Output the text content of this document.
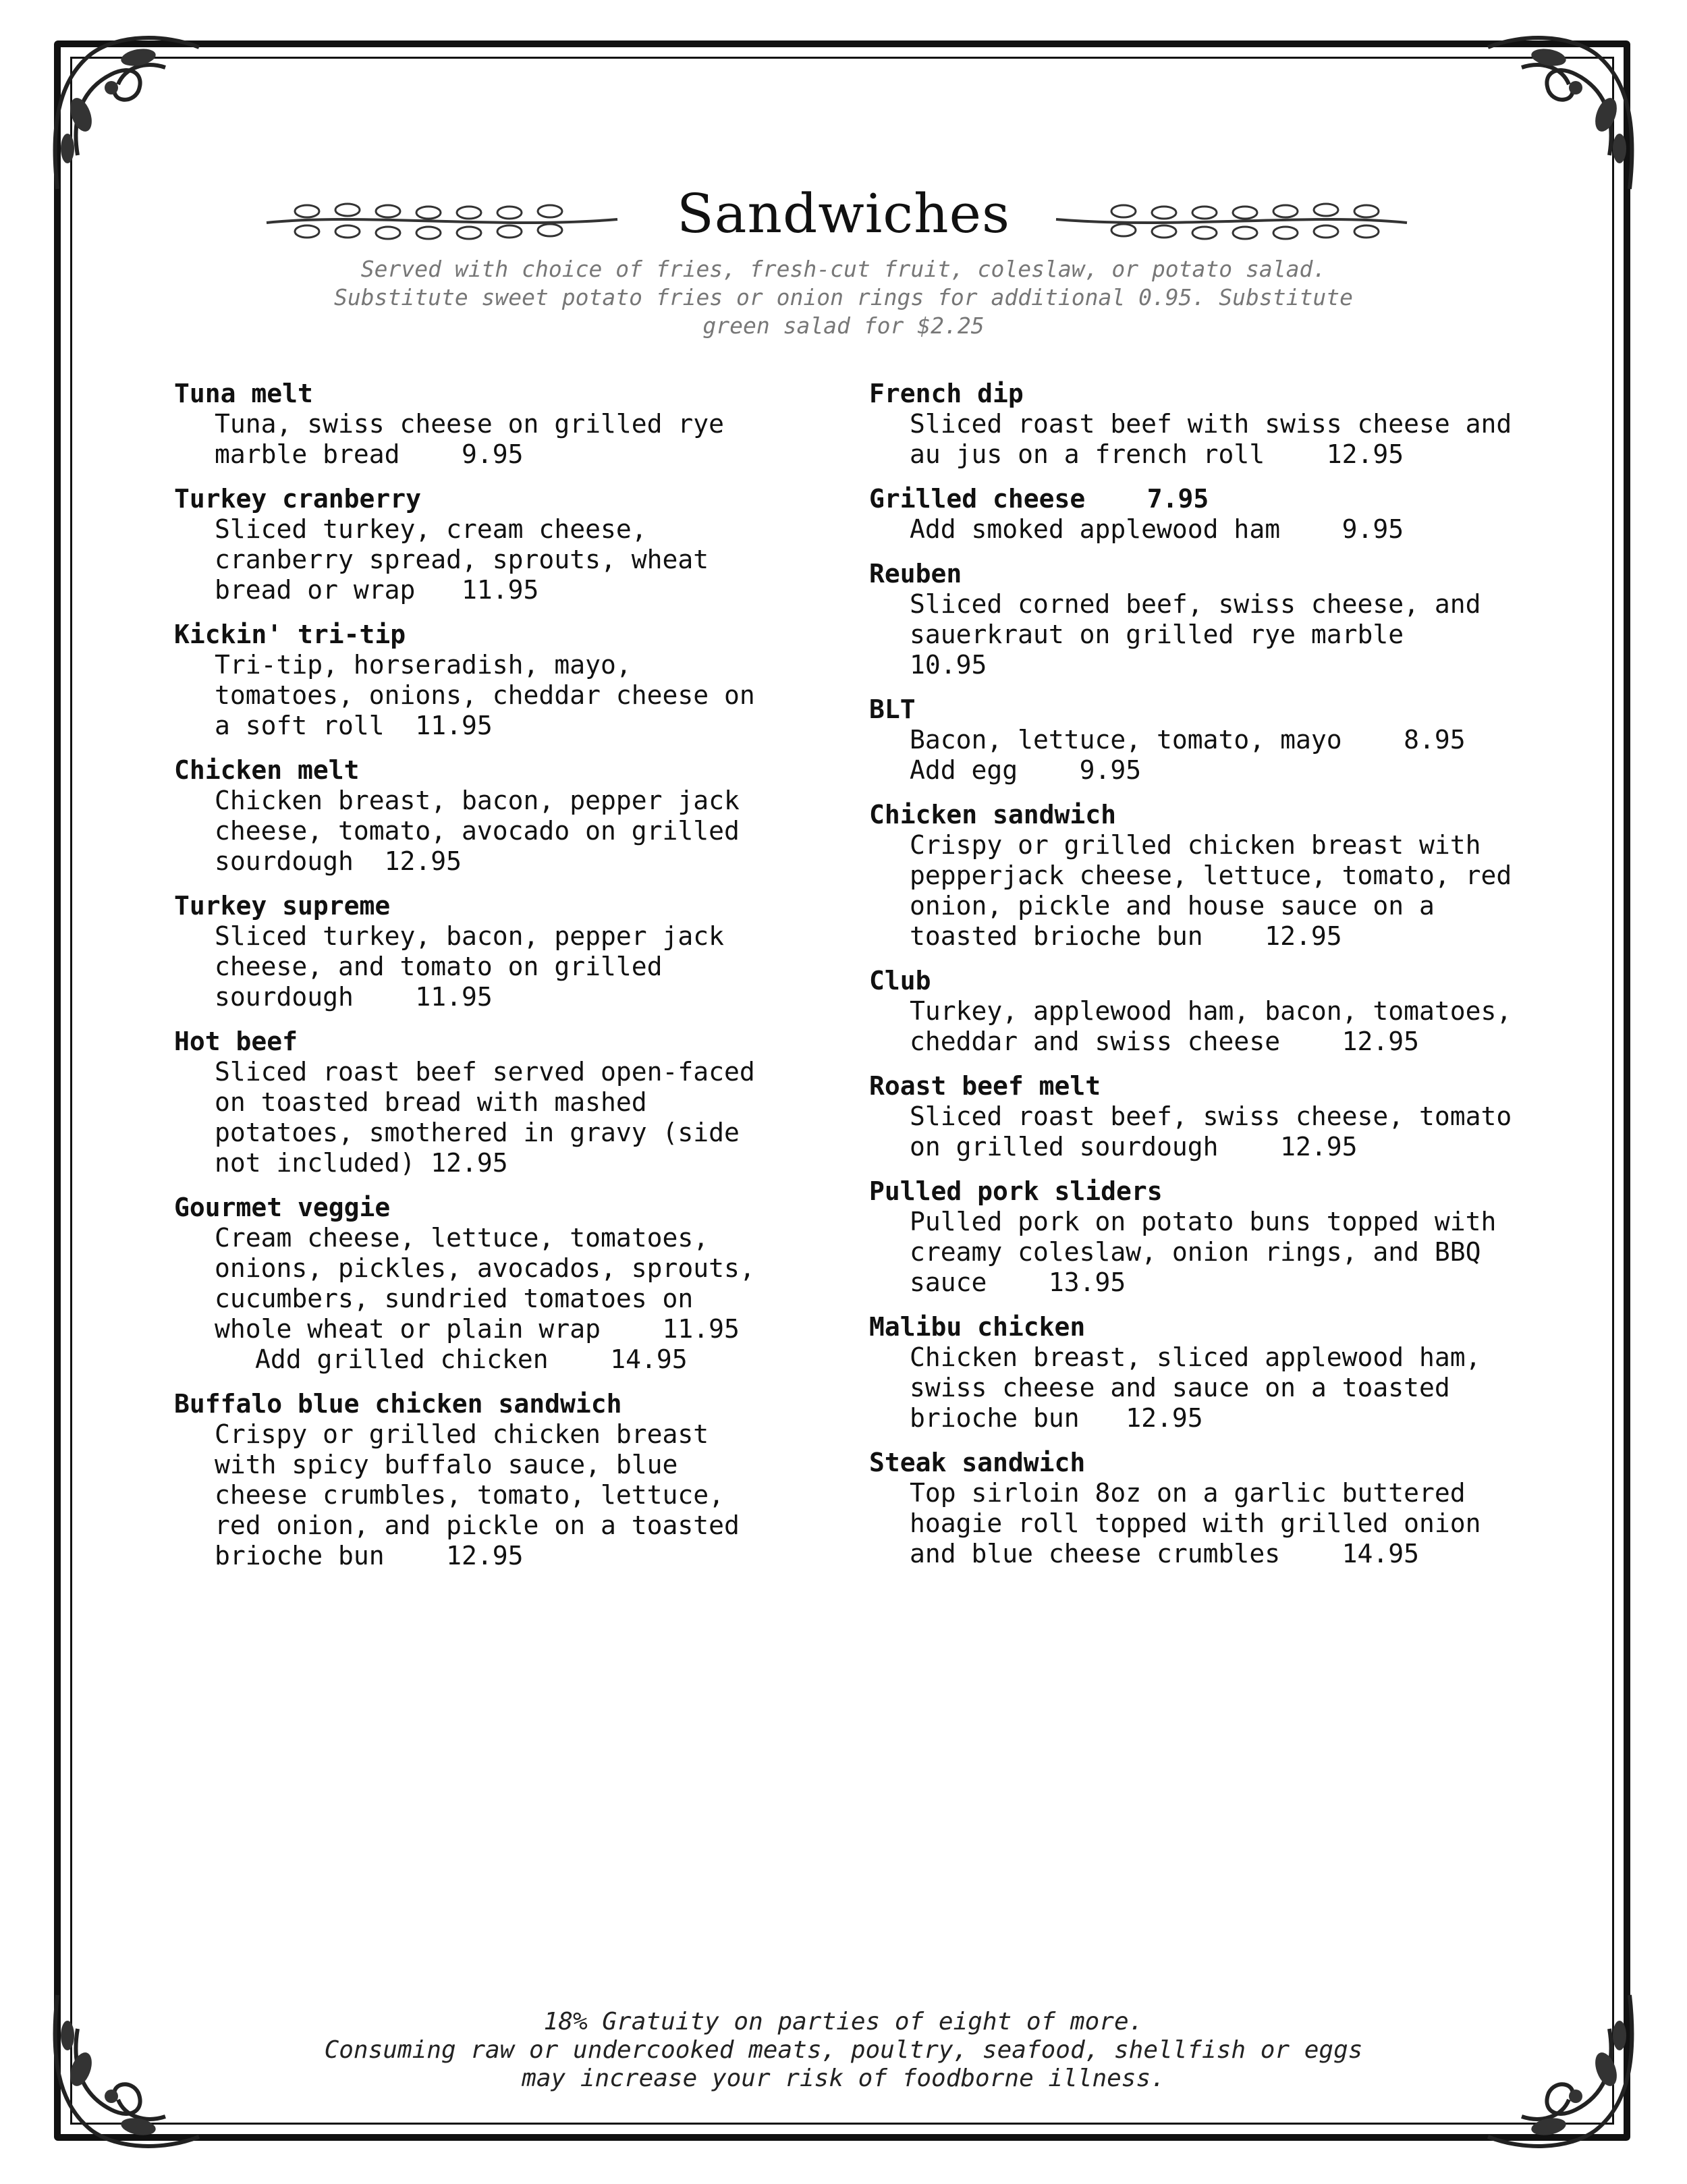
Sandwiches
Served with choice of fries, fresh-cut fruit, coleslaw, or potato salad.
Substitute sweet potato fries or onion rings for additional 0.95. Substitute
green salad for $2.25
Tuna melt
Tuna, swiss cheese on grilled rye
marble bread    9.95
Turkey cranberry
Sliced turkey, cream cheese,
cranberry spread, sprouts, wheat
bread or wrap   11.95
Kickin' tri-tip
Tri-tip, horseradish, mayo,
tomatoes, onions, cheddar cheese on
a soft roll  11.95
Chicken melt
Chicken breast, bacon, pepper jack
cheese, tomato, avocado on grilled
sourdough  12.95
Turkey supreme
Sliced turkey, bacon, pepper jack
cheese, and tomato on grilled
sourdough    11.95
Hot beef
Sliced roast beef served open-faced
on toasted bread with mashed
potatoes, smothered in gravy (side
not included) 12.95
Gourmet veggie
Cream cheese, lettuce, tomatoes,
onions, pickles, avocados, sprouts,
cucumbers, sundried tomatoes on
whole wheat or plain wrap    11.95
Add grilled chicken    14.95
Buffalo blue chicken sandwich
Crispy or grilled chicken breast
with spicy buffalo sauce, blue
cheese crumbles, tomato, lettuce,
red onion, and pickle on a toasted
brioche bun    12.95
French dip
Sliced roast beef with swiss cheese and
au jus on a french roll    12.95
Grilled cheese    7.95
Add smoked applewood ham    9.95
Reuben
Sliced corned beef, swiss cheese, and
sauerkraut on grilled rye marble
10.95
BLT
Bacon, lettuce, tomato, mayo    8.95
Add egg    9.95
Chicken sandwich
Crispy or grilled chicken breast with
pepperjack cheese, lettuce, tomato, red
onion, pickle and house sauce on a
toasted brioche bun    12.95
Club
Turkey, applewood ham, bacon, tomatoes,
cheddar and swiss cheese    12.95
Roast beef melt
Sliced roast beef, swiss cheese, tomato
on grilled sourdough    12.95
Pulled pork sliders
Pulled pork on potato buns topped with
creamy coleslaw, onion rings, and BBQ
sauce    13.95
Malibu chicken
Chicken breast, sliced applewood ham,
swiss cheese and sauce on a toasted
brioche bun   12.95
Steak sandwich
Top sirloin 8oz on a garlic buttered
hoagie roll topped with grilled onion
and blue cheese crumbles    14.95
18% Gratuity on parties of eight of more.
Consuming raw or undercooked meats, poultry, seafood, shellfish or eggs
may increase your risk of foodborne illness.
